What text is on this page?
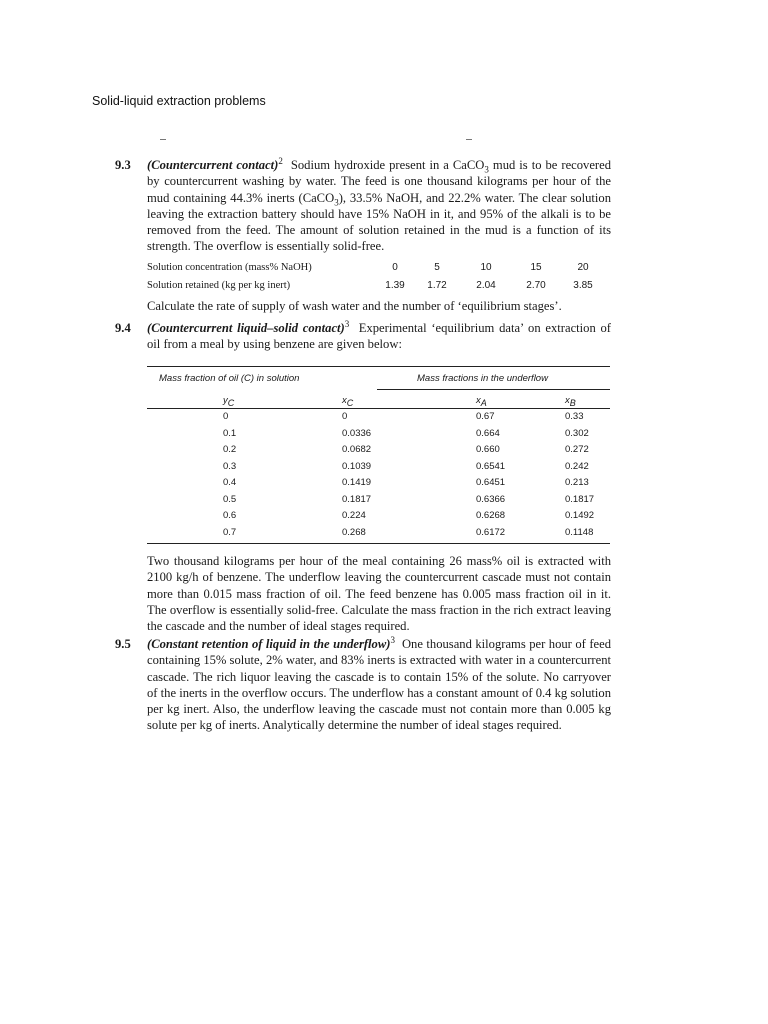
Solid-liquid extraction problems
9.3 (Countercurrent contact)$^2$ Sodium hydroxide present in a CaCO$_3$ mud is to be recovered by countercurrent washing by water. The feed is one thousand kilograms per hour of the mud containing 44.3% inerts (CaCO$_3$), 33.5% NaOH, and 22.2% water. The clear solution leaving the extraction battery should have 15% NaOH in it, and 95% of the alkali is to be removed from the feed. The amount of solution retained in the mud is a function of its strength. The overflow is essentially solid-free.
Solution concentration (mass% NaOH)	0	5	10	15	20
Solution retained (kg per kg inert)	1.39	1.72	2.04	2.70	3.85
Calculate the rate of supply of wash water and the number of ‘equilibrium stages’.
9.4 (Countercurrent liquid–solid contact)$^3$ Experimental ‘equilibrium data’ on extraction of oil from a meal by using benzene are given below:
Mass fraction of oil (C) in solution	Mass fractions in the underflow
$y_C$	$x_C$	$x_A$	$x_B$
0	0	0.67	0.33
0.1	0.0336	0.664	0.302
0.2	0.0682	0.660	0.272
0.3	0.1039	0.6541	0.242
0.4	0.1419	0.6451	0.213
0.5	0.1817	0.6366	0.1817
0.6	0.224	0.6268	0.1492
0.7	0.268	0.6172	0.1148
Two thousand kilograms per hour of the meal containing 26 mass% oil is extracted with 2100 kg/h of benzene. The underflow leaving the countercurrent cascade must not contain more than 0.015 mass fraction of oil. The feed benzene has 0.005 mass fraction oil in it. The overflow is essentially solid-free. Calculate the mass fraction in the rich extract leaving the cascade and the number of ideal stages required.
9.5 (Constant retention of liquid in the underflow)$^3$ One thousand kilograms per hour of feed containing 15% solute, 2% water, and 83% inerts is extracted with water in a countercurrent cascade. The rich liquor leaving the cascade is to contain 15% of the solute. No carryover of the inerts in the overflow occurs. The underflow has a constant amount of 0.4 kg solution per kg inert. Also, the underflow leaving the cascade must not contain more than 0.005 kg solute per kg of inerts. Analytically determine the number of ideal stages required.
